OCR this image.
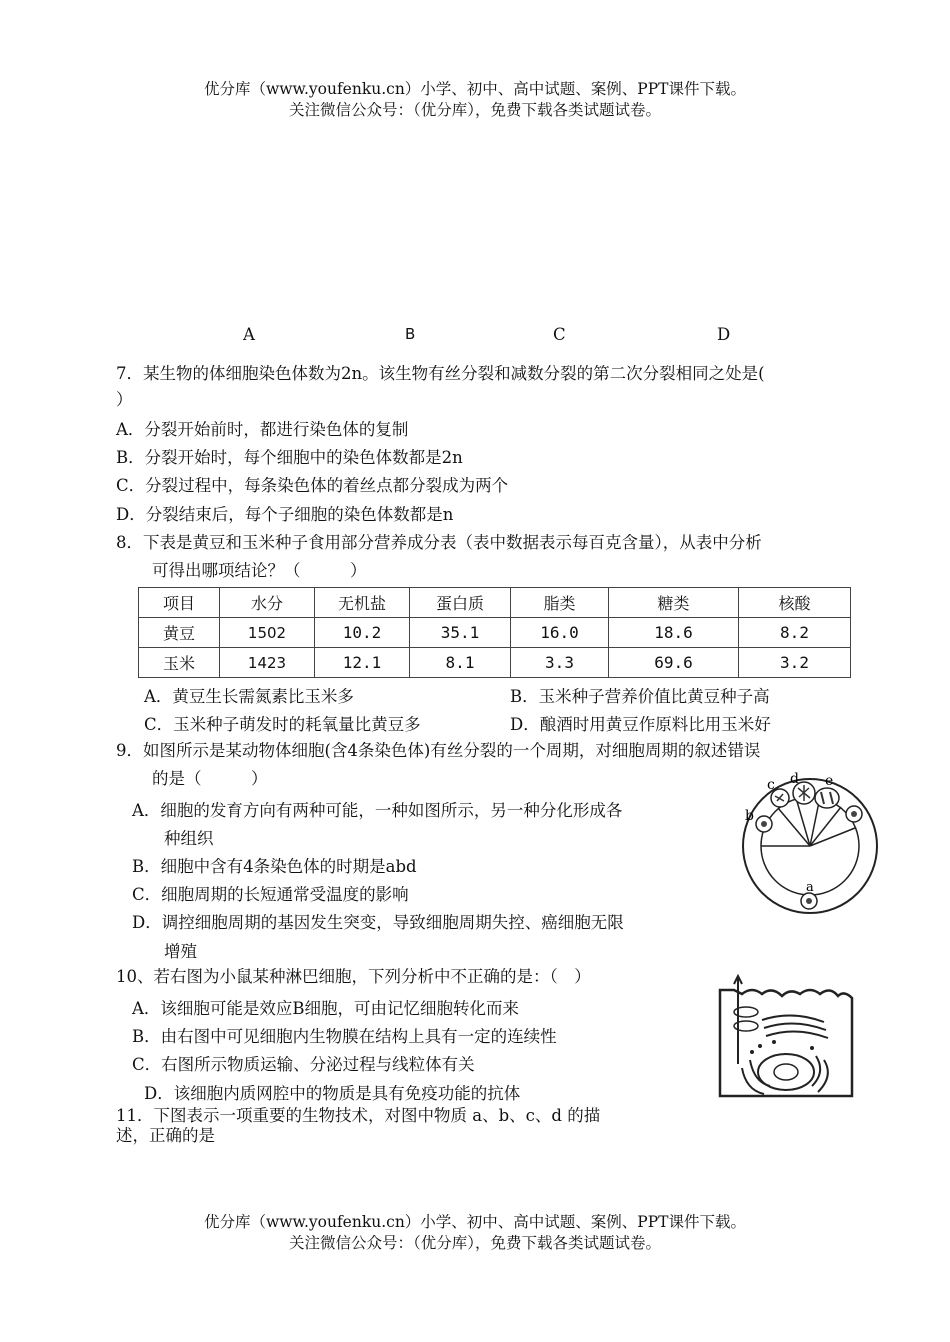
优分库（www.youfenku.cn）小学、初中、高中试题、案例、PPT课件下载。
关注微信公众号：（优分库），免费下载各类试题试卷。
A	B	C	D
7．某生物的体细胞染色体数为2n。该生物有丝分裂和减数分裂的第二次分裂相同之处是(
）
A．分裂开始前时，都进行染色体的复制
B．分裂开始时，每个细胞中的染色体数都是2n
C．分裂过程中，每条染色体的着丝点都分裂成为两个
D．分裂结束后，每个子细胞的染色体数都是n
8．下表是黄豆和玉米种子食用部分营养成分表（表中数据表示每百克含量），从表中分析
可得出哪项结论？（　　　）
项目	水分	无机盐	蛋白质	脂类	糖类	核酸
黄豆	1502	10.2	35.1	16.0	18.6	8.2
玉米	1423	12.1	8.1	3.3	69.6	3.2
A．黄豆生长需氮素比玉米多	B．玉米种子营养价值比黄豆种子高
C．玉米种子萌发时的耗氧量比黄豆多	D．酿酒时用黄豆作原料比用玉米好
9．如图所示是某动物体细胞(含4条染色体)有丝分裂的一个周期，对细胞周期的叙述错误
的是（　　　）
A．细胞的发育方向有两种可能，一种如图所示，另一种分化形成各
种组织
B．细胞中含有4条染色体的时期是abd
C．细胞周期的长短通常受温度的影响
D．调控细胞周期的基因发生突变，导致细胞周期失控、癌细胞无限
增殖
b
c d e
a
10、若右图为小鼠某种淋巴细胞，下列分析中不正确的是：（　）
A．该细胞可能是效应B细胞，可由记忆细胞转化而来
B．由右图中可见细胞内生物膜在结构上具有一定的连续性
C．右图所示物质运输、分泌过程与线粒体有关
D．该细胞内质网腔中的物质是具有免疫功能的抗体
11．下图表示一项重要的生物技术，对图中物质 a、b、c、d 的描
述，正确的是
优分库（www.youfenku.cn）小学、初中、高中试题、案例、PPT课件下载。
关注微信公众号：（优分库），免费下载各类试题试卷。
